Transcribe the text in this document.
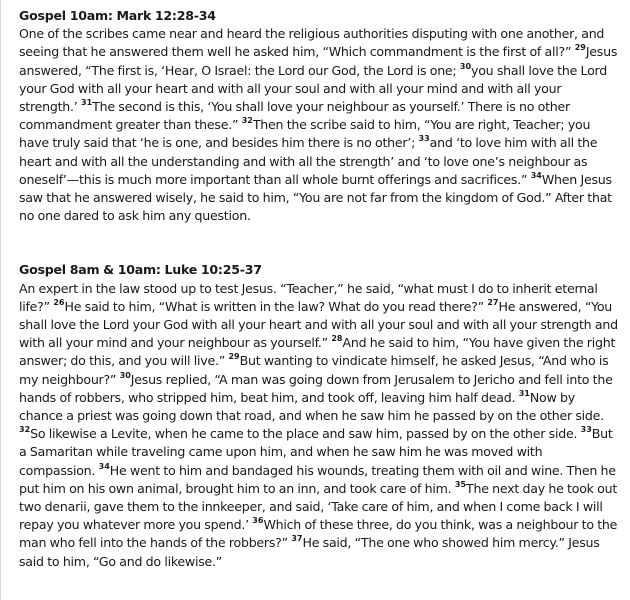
Gospel 10am: Mark 12:28-34

One of the scribes came near and heard the religious authorities disputing with one another, and seeing that he answered them well he asked him, “Which commandment is the first of all?” $^{29}$Jesus answered, “The first is, ‘Hear, O Israel: the Lord our God, the Lord is one; $^{30}$you shall love the Lord your God with all your heart and with all your soul and with all your mind and with all your strength.’ $^{31}$The second is this, ‘You shall love your neighbour as yourself.’ There is no other commandment greater than these.” $^{32}$Then the scribe said to him, “You are right, Teacher; you have truly said that ‘he is one, and besides him there is no other’; $^{33}$and ‘to love him with all the heart and with all the understanding and with all the strength’ and ‘to love one’s neighbour as oneself’—this is much more important than all whole burnt offerings and sacrifices.” $^{34}$When Jesus saw that he answered wisely, he said to him, “You are not far from the kingdom of God.” After that no one dared to ask him any question.

Gospel 8am & 10am: Luke 10:25-37

An expert in the law stood up to test Jesus. “Teacher,” he said, “what must I do to inherit eternal life?” $^{26}$He said to him, “What is written in the law? What do you read there?” $^{27}$He answered, “You shall love the Lord your God with all your heart and with all your soul and with all your strength and with all your mind and your neighbour as yourself.” $^{28}$And he said to him, “You have given the right answer; do this, and you will live.” $^{29}$But wanting to vindicate himself, he asked Jesus, “And who is my neighbour?” $^{30}$Jesus replied, “A man was going down from Jerusalem to Jericho and fell into the hands of robbers, who stripped him, beat him, and took off, leaving him half dead. $^{31}$Now by chance a priest was going down that road, and when he saw him he passed by on the other side. $^{32}$So likewise a Levite, when he came to the place and saw him, passed by on the other side. $^{33}$But a Samaritan while traveling came upon him, and when he saw him he was moved with compassion. $^{34}$He went to him and bandaged his wounds, treating them with oil and wine. Then he put him on his own animal, brought him to an inn, and took care of him. $^{35}$The next day he took out two denarii, gave them to the innkeeper, and said, ‘Take care of him, and when I come back I will repay you whatever more you spend.’ $^{36}$Which of these three, do you think, was a neighbour to the man who fell into the hands of the robbers?” $^{37}$He said, “The one who showed him mercy.” Jesus said to him, “Go and do likewise.”
